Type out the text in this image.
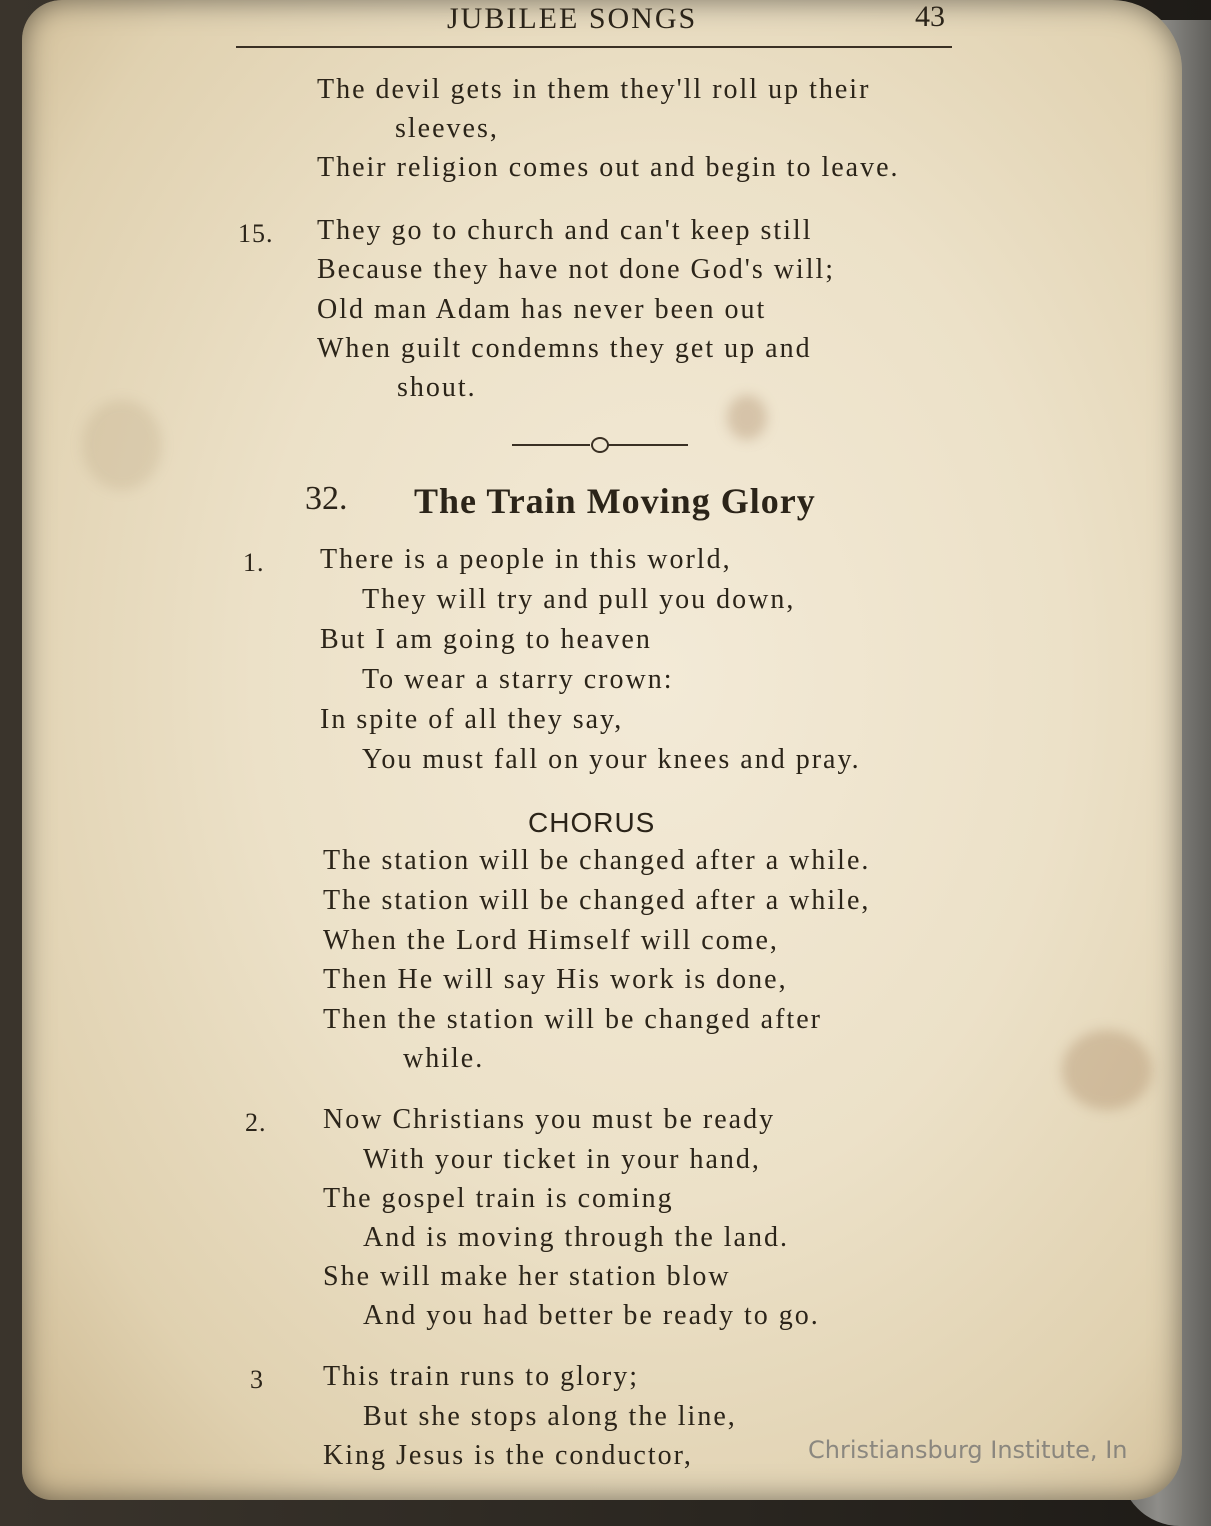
JUBILEE SONGS	43
The devil gets in them they'll roll up their
sleeves,
Their religion comes out and begin to leave.
15. They go to church and can't keep still
Because they have not done God's will;
Old man Adam has never been out
When guilt condemns they get up and
shout.
32. The Train Moving Glory
1. There is a people in this world,
They will try and pull you down,
But I am going to heaven
To wear a starry crown:
In spite of all they say,
You must fall on your knees and pray.
CHORUS
The station will be changed after a while.
The station will be changed after a while,
When the Lord Himself will come,
Then He will say His work is done,
Then the station will be changed after
while.
2. Now Christians you must be ready
With your ticket in your hand,
The gospel train is coming
And is moving through the land.
She will make her station blow
And you had better be ready to go.
3 This train runs to glory;
But she stops along the line,
King Jesus is the conductor,	Christiansburg Institute, In
